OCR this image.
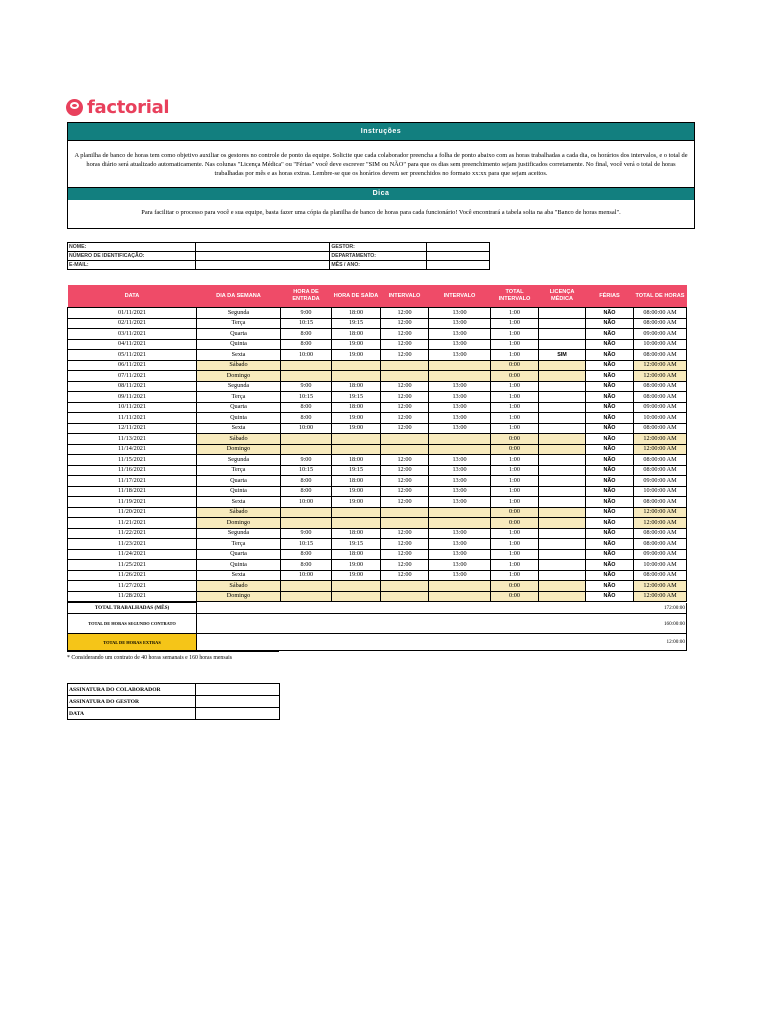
factorial
Instruções
A planilha de banco de horas tem como objetivo auxiliar os gestores no controle de ponto da equipe. Solicite que cada colaborador preencha a folha de ponto abaixo com as horas trabalhadas a cada dia, os horários dos intervalos, e o total de horas diário será atualizado automaticamente. Nas colunas "Licença Médica" ou "Férias" você deve escrever "SIM ou NÃO" para que os dias sem preenchimento sejam justificados corretamente. No final, você verá o total de horas trabalhadas por mês e as horas extras. Lembre-se que os horários devem ser preenchidos no formato xx:xx para que sejam aceitos.
Dica
Para facilitar o processo para você e sua equipe, basta fazer uma cópia da planilha de banco de horas para cada funcionário! Você encontrará a tabela solta na aba "Banco de horas mensal".
NOME:		GESTOR:	
NÚMERO DE IDENTIFICAÇÃO:		DEPARTAMENTO:	
E-MAIL:		MÊS / ANO:	
DATA	DIA DA SEMANA	HORA DE ENTRADA	HORA DE SAÍDA	INTERVALO	INTERVALO	TOTAL INTERVALO	LICENÇA MÉDICA	FÉRIAS	TOTAL DE HORAS
01/11/2021	Segunda	9:00	18:00	12:00	13:00	1:00		NÃO	08:00:00 AM
02/11/2021	Terça	10:15	19:15	12:00	13:00	1:00		NÃO	08:00:00 AM
03/11/2021	Quarta	8:00	18:00	12:00	13:00	1:00		NÃO	09:00:00 AM
04/11/2021	Quinta	8:00	19:00	12:00	13:00	1:00		NÃO	10:00:00 AM
05/11/2021	Sexta	10:00	19:00	12:00	13:00	1:00	SIM	NÃO	08:00:00 AM
06/11/2021	Sábado					0:00		NÃO	12:00:00 AM
07/11/2021	Domingo					0:00		NÃO	12:00:00 AM
08/11/2021	Segunda	9:00	18:00	12:00	13:00	1:00		NÃO	08:00:00 AM
09/11/2021	Terça	10:15	19:15	12:00	13:00	1:00		NÃO	08:00:00 AM
10/11/2021	Quarta	8:00	18:00	12:00	13:00	1:00		NÃO	09:00:00 AM
11/11/2021	Quinta	8:00	19:00	12:00	13:00	1:00		NÃO	10:00:00 AM
12/11/2021	Sexta	10:00	19:00	12:00	13:00	1:00		NÃO	08:00:00 AM
11/13/2021	Sábado					0:00		NÃO	12:00:00 AM
11/14/2021	Domingo					0:00		NÃO	12:00:00 AM
11/15/2021	Segunda	9:00	18:00	12:00	13:00	1:00		NÃO	08:00:00 AM
11/16/2021	Terça	10:15	19:15	12:00	13:00	1:00		NÃO	08:00:00 AM
11/17/2021	Quarta	8:00	18:00	12:00	13:00	1:00		NÃO	09:00:00 AM
11/18/2021	Quinta	8:00	19:00	12:00	13:00	1:00		NÃO	10:00:00 AM
11/19/2021	Sexta	10:00	19:00	12:00	13:00	1:00		NÃO	08:00:00 AM
11/20/2021	Sábado					0:00		NÃO	12:00:00 AM
11/21/2021	Domingo					0:00		NÃO	12:00:00 AM
11/22/2021	Segunda	9:00	18:00	12:00	13:00	1:00		NÃO	08:00:00 AM
11/23/2021	Terça	10:15	19:15	12:00	13:00	1:00		NÃO	08:00:00 AM
11/24/2021	Quarta	8:00	18:00	12:00	13:00	1:00		NÃO	09:00:00 AM
11/25/2021	Quinta	8:00	19:00	12:00	13:00	1:00		NÃO	10:00:00 AM
11/26/2021	Sexta	10:00	19:00	12:00	13:00	1:00		NÃO	08:00:00 AM
11/27/2021	Sábado					0:00		NÃO	12:00:00 AM
11/28/2021	Domingo					0:00		NÃO	12:00:00 AM
TOTAL TRABALHADAS (MÊS)	172:00:00
TOTAL DE HORAS SEGUNDO CONTRATO	160:00:00
TOTAL DE HORAS EXTRAS	12:00:00
* Considerando um contrato de 40 horas semanais e 160 horas mensais
ASSINATURA DO COLABORADOR	
ASSINATURA DO GESTOR	
DATA	
